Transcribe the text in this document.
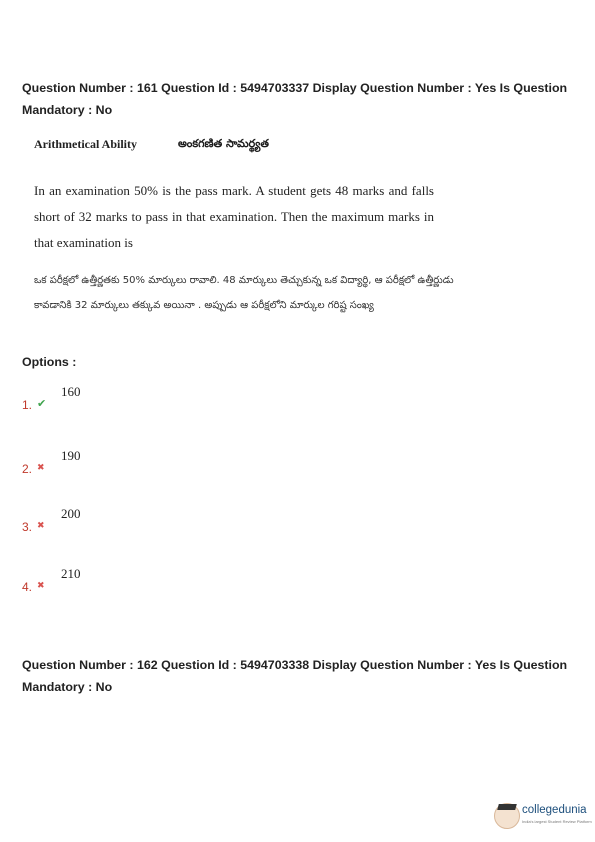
Question Number : 161 Question Id : 5494703337 Display Question Number : Yes Is Question Mandatory : No
Arithmetical Ability	అంకగణిత సామర్థ్యత
In an examination 50% is the pass mark. A student gets 48 marks and falls short of 32 marks to pass in that examination. Then the maximum marks in that examination is
ఒక పరీక్షలో ఉత్తీర్ణతకు 50% మార్కులు రావాలి. 48 మార్కులు తెచ్చుకున్న ఒక విద్యార్థి, ఆ పరీక్షలో ఉత్తీర్ణుడు కావడానికి 32 మార్కులు తక్కువ అయినా . అప్పుడు ఆ పరీక్షలోని మార్కుల గరిష్ట సంఖ్య
Options :
1. ✔
160
2. ✖
190
3. ✖
200
4. ✖
210
Question Number : 162 Question Id : 5494703338 Display Question Number : Yes Is Question Mandatory : No
collegedunia
India's largest Student Review Platform
